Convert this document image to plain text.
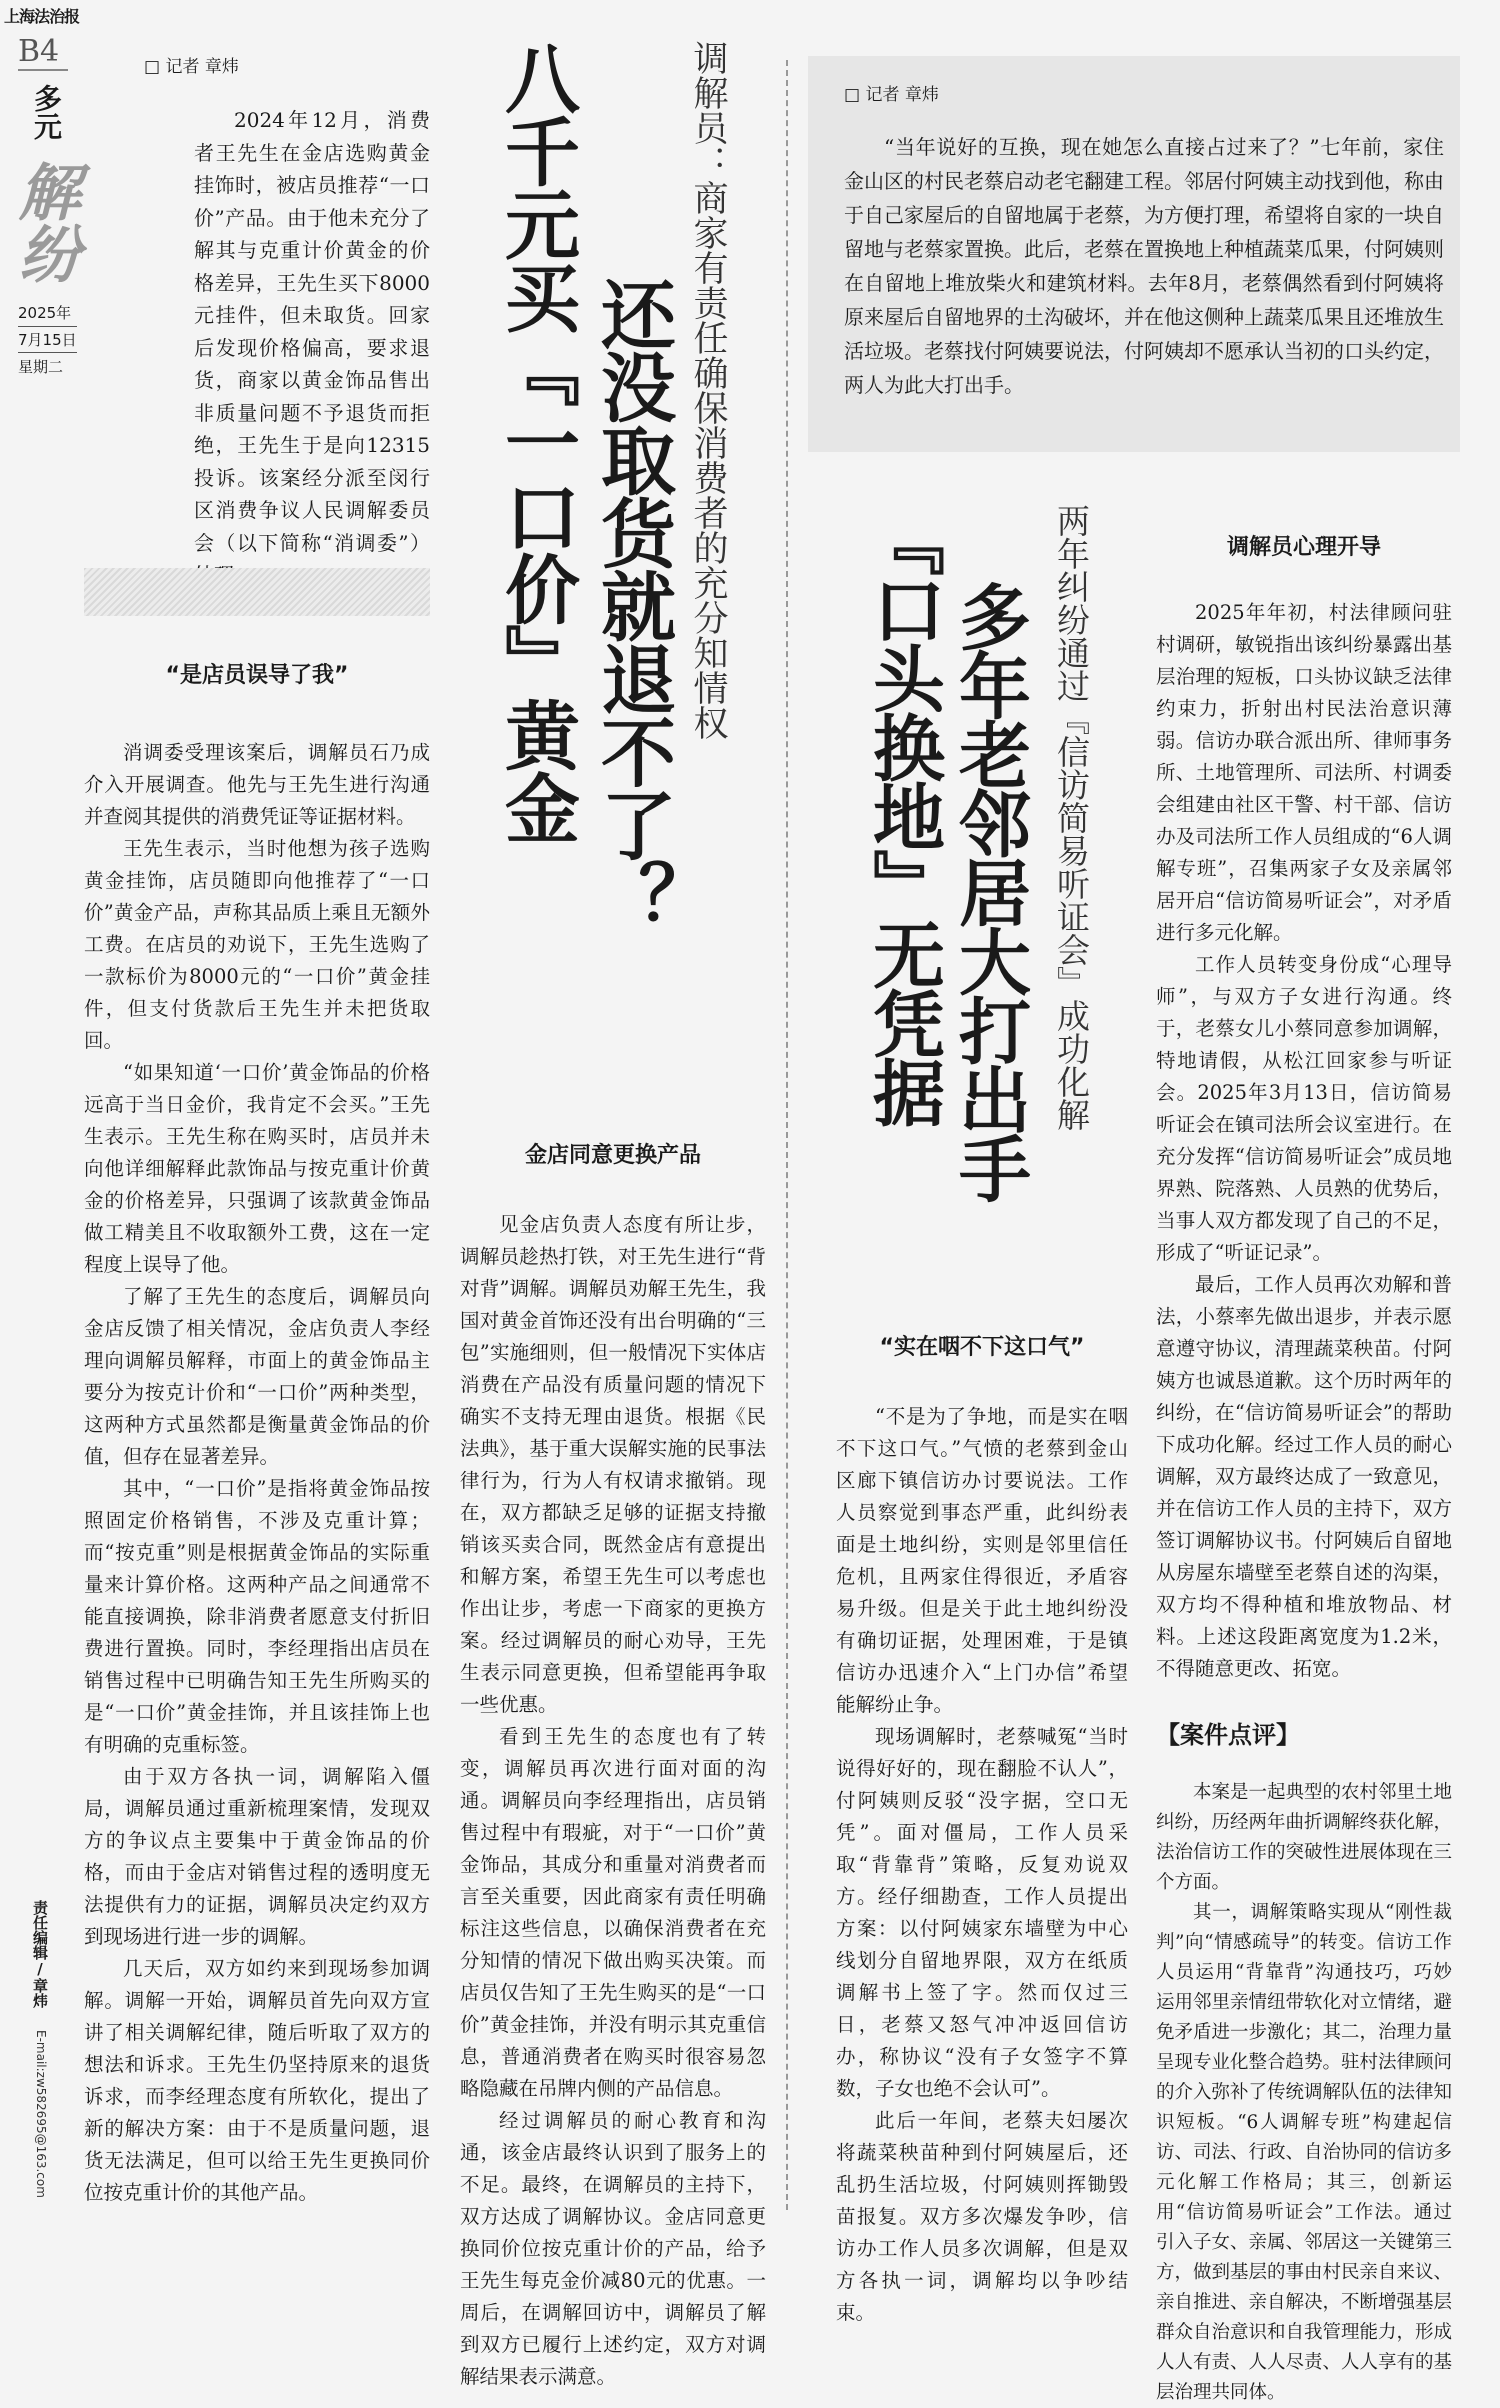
上海法治报
B4
多元
解纷
2025年
7月15日
星期二
责任编辑/章炜
E-mail:zw582695@163.com
□ 记者 章炜

2024年12月，消费者王先生在金店选购黄金挂饰时，被店员推荐“一口价”产品。由于他未充分了解其与克重计价黄金的价格差异，王先生买下8000元挂件，但未取货。回家后发现价格偏高，要求退货，商家以黄金饰品售出非质量问题不予退货而拒绝，王先生于是向12315投诉。该案经分派至闵行区消费争议人民调解委员会（以下简称“消调委”）	调解员：商家有责任确保消费者的充分知情权
八千元买『一口价』黄金 还没取货就退不了？
“是店员误导了我”

消调委受理该案后，调解员石乃成介入开展调查。他先与王先生进行沟通并查阅其提供的消费凭证等证据材料。

王先生表示，当时他想为孩子选购黄金挂饰，店员随即向他推荐了“一口价”黄金产品，声称其品质上乘且无额外工费。在店员的劝说下，王先生选购了一款标价为8000元的“一口价”黄金挂件，但支付货款后王先生并未把货取回。

“如果知道‘一口价’黄金饰品的价格远高于当日金价，我肯定不会买。”王先生表示。王先生称在购买时，店员并未向他详细解释此款饰品与按克重计价黄金的价格差异，只强调了该款黄金饰品做工精美且不收取额外工费，这在一定程度上误导了他。

了解了王先生的态度后，调解员向金店反馈了相关情况，金店负责人李经理向调解员解释，市面上的黄金饰品主要分为按克计价和“一口价”两种类型，这两种方式虽然都是衡量黄金饰品的价值，但存在显著差异。

其中，“一口价”是指将黄金饰品按照固定价格销售，不涉及克重计算；而“按克重”则是根据黄金饰品的实际重量来计算价格。这两种产品之间通常不能直接调换，除非消费者愿意支付折旧费进行置换。同时，李经理指出店员在销售过程中已明确告知王先生所购买的是“一口价”黄金挂饰，并且该挂饰上也有明确的克重标签。

由于双方各执一词，调解陷入僵局，调解员通过重新梳理案情，发现双方的争议点主要集中于黄金饰品的价格，而由于金店对销售过程的透明度无法提供有力的证据，调解员决定约双方到现场进行进一步的调解。

几天后，双方如约来到现场参加调解。调解一开始，调解员首先向双方宣讲了相关调解纪律，随后听取了双方的想法和诉求。王先生仍坚持原来的退货诉求，而李经理态度有所软化，提出了新的解决方案：由于不是质量问题，退货无法满足，但可以给王先生更换同价位按克重计价的其他产品。

金店同意更换产品

见金店负责人态度有所让步，调解员趁热打铁，对王先生进行“背对背”调解。调解员劝解王先生，我国对黄金首饰还没有出台明确的“三包”实施细则，但一般情况下实体店消费在产品没有质量问题的情况下确实不支持无理由退货。根据《民法典》，基于重大误解实施的民事法律行为，行为人有权请求撤销。现在，双方都缺乏足够的证据支持撤销该买卖合同，既然金店有意提出和解方案，希望王先生可以考虑也作出让步，考虑一下商家的更换方案。经过调解员的耐心劝导，王先生表示同意更换，但希望能再争取一些优惠。

看到王先生的态度也有了转变，调解员再次进行面对面的沟通。调解员向李经理指出，店员销售过程中有瑕疵，对于“一口价”黄金饰品，其成分和重量对消费者而言至关重要，因此商家有责任明确标注这些信息，以确保消费者在充分知情的情况下做出购买决策。而店员仅告知了王先生购买的是“一口价”黄金挂饰，并没有明示其克重信息，普通消费者在购买时很容易忽略隐藏在吊牌内侧的产品信息。

经过调解员的耐心教育和沟通，该金店最终认识到了服务上的不足。最终，在调解员的主持下，双方达成了调解协议。金店同意更换同价位按克重计价的产品，给予王先生每克金价减80元的优惠。一周后，在调解回访中，调解员了解到双方已履行上述约定，双方对调解结果表示满意。

□ 记者 章炜

“当年说好的互换，现在她怎么直接占过来了？”七年前，家住金山区的村民老蔡启动老宅翻建工程。邻居付阿姨主动找到他，称由于自己家屋后的自留地属于老蔡，为方便打理，希望将自家的一块自留地与老蔡家置换。此后，老蔡在置换地上种植蔬菜瓜果，付阿姨则在自留地上堆放柴火和建筑材料。去年8月，老蔡偶然看到付阿姨将原来屋后自留地界的土沟破坏，并在他这侧种上蔬菜瓜果且还堆放生活垃圾。老蔡找付阿姨要说法，付阿姨却不愿承认当初的口头约定，两人为此大打出手。

两年纠纷通过『信访简易听证会』成功化解
多年老邻居大打出手
『口头换地』无凭据
“实在咽不下这口气”

“不是为了争地，而是实在咽不下这口气。”气愤的老蔡到金山区廊下镇信访办讨要说法。工作人员察觉到事态严重，此纠纷表面是土地纠纷，实则是邻里信任危机，且两家住得很近，矛盾容易升级。但是关于此土地纠纷没有确切证据，处理困难，于是镇信访办迅速介入“上门办信”希望能解纷止争。

现场调解时，老蔡喊冤“当时说得好好的，现在翻脸不认人”，付阿姨则反驳“没字据，空口无凭”。面对僵局，工作人员采取“背靠背”策略，反复劝说双方。经仔细勘查，工作人员提出方案：以付阿姨家东墙壁为中心线划分自留地界限，双方在纸质调解书上签了字。然而仅过三日，老蔡又怒气冲冲返回信访办，称协议“没有子女签字不算数，子女也绝不会认可”。

此后一年间，老蔡夫妇屡次将蔬菜秧苗种到付阿姨屋后，还乱扔生活垃圾，付阿姨则挥锄毁苗报复。双方多次爆发争吵，信访办工作人员多次调解，但是双方各执一词，调解均以争吵结束。

调解员心理开导

2025年年初，村法律顾问驻村调研，敏锐指出该纠纷暴露出基层治理的短板，口头协议缺乏法律约束力，折射出村民法治意识薄弱。信访办联合派出所、律师事务所、土地管理所、司法所、村调委会组建由社区干警、村干部、信访办及司法所工作人员组成的“6人调解专班”，召集两家子女及亲属邻居开启“信访简易听证会”，对矛盾进行多元化解。

工作人员转变身份成“心理导师”，与双方子女进行沟通。终于，老蔡女儿小蔡同意参加调解，特地请假，从松江回家参与听证会。2025年3月13日，信访简易听证会在镇司法所会议室进行。在充分发挥“信访简易听证会”成员地界熟、院落熟、人员熟的优势后，当事人双方都发现了自己的不足，形成了“听证记录”。

最后，工作人员再次劝解和普法，小蔡率先做出退步，并表示愿意遵守协议，清理蔬菜秧苗。付阿姨方也诚恳道歉。这个历时两年的纠纷，在“信访简易听证会”的帮助下成功化解。经过工作人员的耐心调解，双方最终达成了一致意见，并在信访工作人员的主持下，双方签订调解协议书。付阿姨后自留地从房屋东墙壁至老蔡自述的沟渠，双方均不得种植和堆放物品、材料。上述这段距离宽度为1.2米，不得随意更改、拓宽。

【案件点评】

本案是一起典型的农村邻里土地纠纷，历经两年曲折调解终获化解，法治信访工作的突破性进展体现在三个方面。

其一，调解策略实现从“刚性裁判”向“情感疏导”的转变。信访工作人员运用“背靠背”沟通技巧，巧妙运用邻里亲情纽带软化对立情绪，避免矛盾进一步激化；其二，治理力量呈现专业化整合趋势。驻村法律顾问的介入弥补了传统调解队伍的法律知识短板。“6人调解专班”构建起信访、司法、行政、自治协同的信访多元化解工作格局；其三，创新运用“信访简易听证会”工作法。通过引入子女、亲属、邻居这一关键第三方，做到基层的事由村民亲自来议、亲自推进、亲自解决，不断增强基层群众自治意识和自我管理能力，形成人人有责、人人尽责、人人享有的基层治理共同体。
